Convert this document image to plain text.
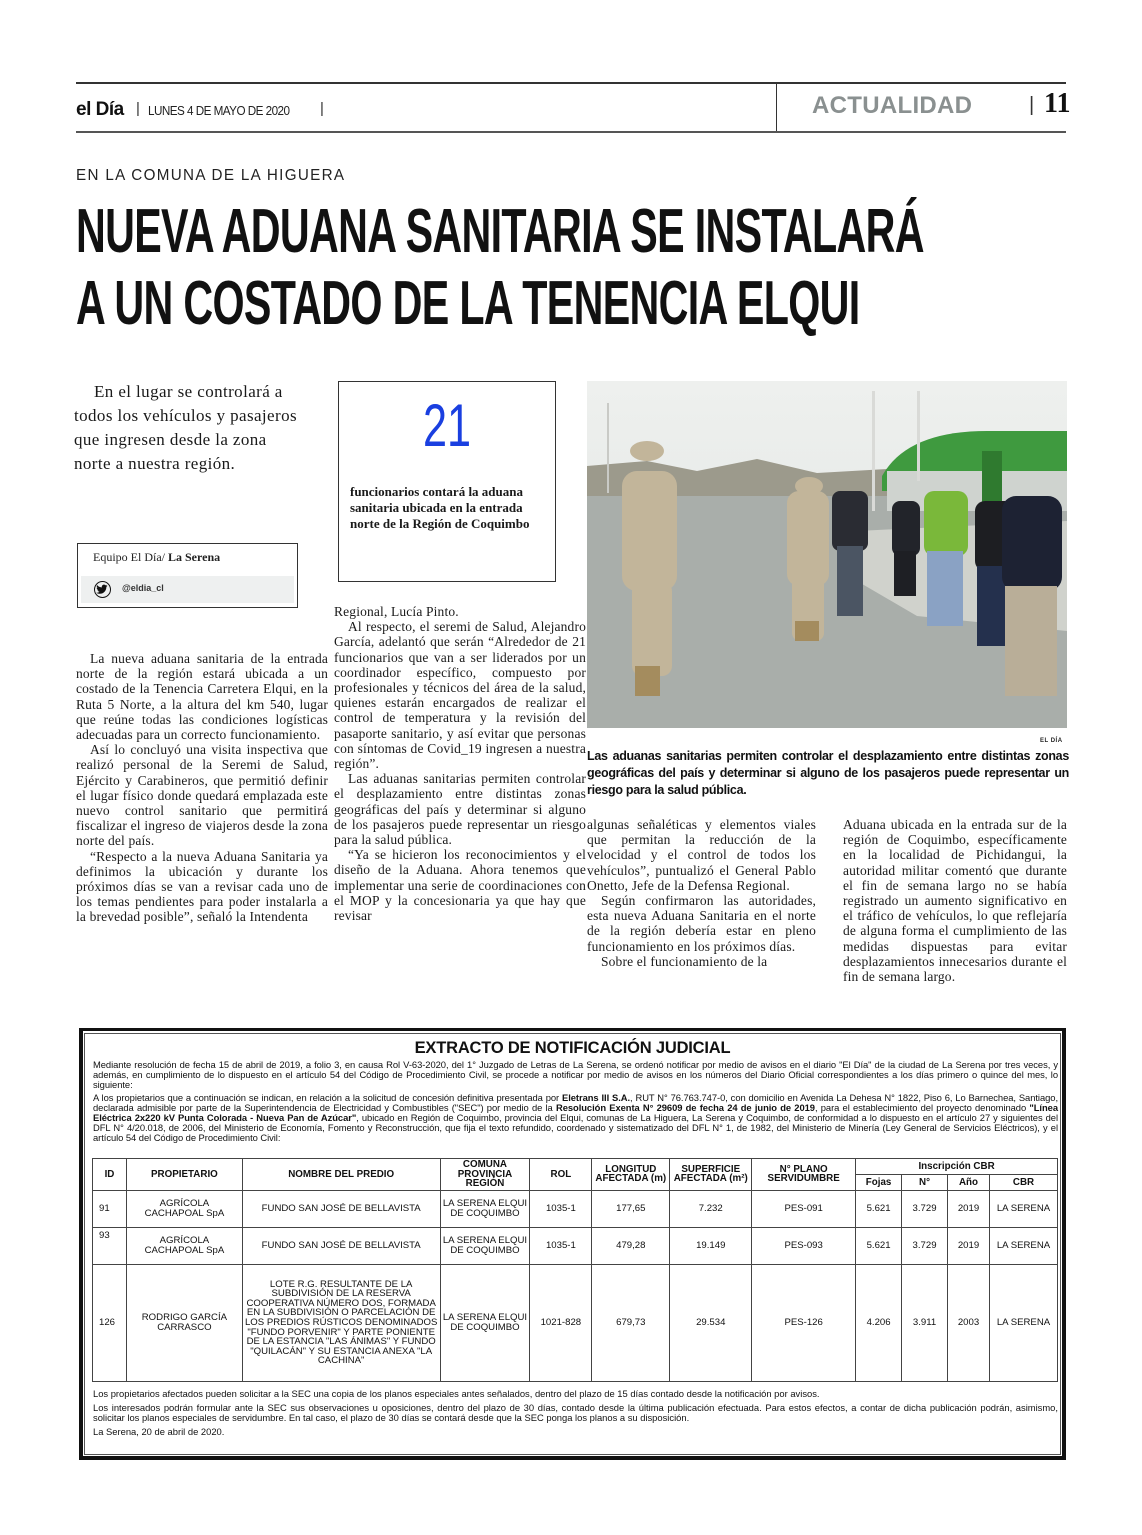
el Día | LUNES 4 DE MAYO DE 2020 |	ACTUALIDAD	| 11
EN LA COMUNA DE LA HIGUERA
NUEVA ADUANA SANITARIA SE INSTALARÁ
A UN COSTADO DE LA TENENCIA ELQUI
En el lugar se controlará a todos los vehículos y pasajeros que ingresen desde la zona norte a nuestra región.
Equipo El Día/ La Serena
@eldia_cl
21
funcionarios contará la aduana sanitaria ubicada en la entrada norte de la Región de Coquimbo
EL DÍA
Las aduanas sanitarias permiten controlar el desplazamiento entre distintas zonas geográficas del país y determinar si alguno de los pasajeros puede representar un riesgo para la salud pública.

La nueva aduana sanitaria de la entrada norte de la región estará ubicada a un costado de la Tenencia Carretera Elqui, en la Ruta 5 Norte, a la altura del km 540, lugar que reúne todas las condiciones logísticas adecuadas para un correcto funcionamiento.

Así lo concluyó una visita inspectiva que realizó personal de la Seremi de Salud, Ejército y Carabineros, que permitió definir el lugar físico donde quedará emplazada este nuevo control sanitario que permitirá fiscalizar el ingreso de viajeros desde la zona norte del país.

“Respecto a la nueva Aduana Sanitaria ya definimos la ubicación y durante los próximos días se van a revisar cada uno de los temas pendientes para poder instalarla a la brevedad posible”, señaló la Intendenta

Regional, Lucía Pinto.

Al respecto, el seremi de Salud, Alejandro García, adelantó que serán “Alrededor de 21 funcionarios que van a ser liderados por un coordinador específico, compuesto por profesionales y técnicos del área de la salud, quienes estarán encargados de realizar el control de temperatura y la revisión del pasaporte sanitario, y así evitar que personas con síntomas de Covid_19 ingresen a nuestra región”.

Las aduanas sanitarias permiten controlar el desplazamiento entre distintas zonas geográficas del país y determinar si alguno de los pasajeros puede representar un riesgo para la salud pública.

“Ya se hicieron los reconocimientos y el diseño de la Aduana. Ahora tenemos que implementar una serie de coordinaciones con el MOP y la concesionaria ya que hay que revisar

algunas señaléticas y elementos viales que permitan la reducción de la velocidad y el control de todos los vehículos”, puntualizó el General Pablo Onetto, Jefe de la Defensa Regional.

Según confirmaron las autoridades, esta nueva Aduana Sanitaria en el norte de la región debería estar en pleno funcionamiento en los próximos días.

Sobre el funcionamiento de la

Aduana ubicada en la entrada sur de la región de Coquimbo, específicamente en la localidad de Pichidangui, la autoridad militar comentó que durante el fin de semana largo no se había registrado un aumento significativo en el tráfico de vehículos, lo que reflejaría de alguna forma el cumplimiento de las medidas dispuestas para evitar desplazamientos innecesarios durante el fin de semana largo.

EXTRACTO DE NOTIFICACIÓN JUDICIAL
Mediante resolución de fecha 15 de abril de 2019, a folio 3, en causa Rol V-63-2020, del 1° Juzgado de Letras de La Serena, se ordenó notificar por medio de avisos en el diario "El Día" de la ciudad de La Serena por tres veces, y además, en cumplimiento de lo dispuesto en el artículo 54 del Código de Procedimiento Civil, se procede a notificar por medio de avisos en los números del Diario Oficial correspondientes a los días primero o quince del mes, lo siguiente:
A los propietarios que a continuación se indican, en relación a la solicitud de concesión definitiva presentada por Eletrans III S.A., RUT N° 76.763.747-0, con domicilio en Avenida La Dehesa N° 1822, Piso 6, Lo Barnechea, Santiago, declarada admisible por parte de la Superintendencia de Electricidad y Combustibles ("SEC") por medio de la Resolución Exenta N° 29609 de fecha 24 de junio de 2019, para el establecimiento del proyecto denominado "Línea Eléctrica 2x220 kV Punta Colorada - Nueva Pan de Azúcar", ubicado en Región de Coquimbo, provincia del Elqui, comunas de La Higuera, La Serena y Coquimbo, de conformidad a lo dispuesto en el artículo 27 y siguientes del DFL N° 4/20.018, de 2006, del Ministerio de Economía, Fomento y Reconstrucción, que fija el texto refundido, coordenado y sistematizado del DFL N° 1, de 1982, del Ministerio de Minería (Ley General de Servicios Eléctricos), y el artículo 54 del Código de Procedimiento Civil:
ID	PROPIETARIO	NOMBRE DEL PREDIO	COMUNA PROVINCIA REGIÓN	ROL	LONGITUD AFECTADA (m)	SUPERFICIE AFECTADA (m²)	N° PLANO SERVIDUMBRE	Inscripción CBR			
								Fojas	N°	Año	CBR
91	AGRÍCOLA CACHAPOAL SpA	FUNDO SAN JOSÉ DE BELLAVISTA	LA SERENA ELQUI DE COQUIMBO	1035-1	177,65	7.232	PES-091	5.621	3.729	2019	LA SERENA
93	AGRÍCOLA CACHAPOAL SpA	FUNDO SAN JOSÉ DE BELLAVISTA	LA SERENA ELQUI DE COQUIMBO	1035-1	479,28	19.149	PES-093	5.621	3.729	2019	LA SERENA
126	RODRIGO GARCÍA CARRASCO	LOTE R.G. RESULTANTE DE LA SUBDIVISIÓN DE LA RESERVA COOPERATIVA NÚMERO DOS, FORMADA EN LA SUBDIVISIÓN O PARCELACIÓN DE LOS PREDIOS RÚSTICOS DENOMINADOS "FUNDO PORVENIR" Y PARTE PONIENTE DE LA ESTANCIA "LAS ÁNIMAS" Y FUNDO "QUILACÁN" Y SU ESTANCIA ANEXA "LA CACHINA"	LA SERENA ELQUI DE COQUIMBO	1021-828	679,73	29.534	PES-126	4.206	3.911	2003	LA SERENA
Los propietarios afectados pueden solicitar a la SEC una copia de los planos especiales antes señalados, dentro del plazo de 15 días contado desde la notificación por avisos.
Los interesados podrán formular ante la SEC sus observaciones u oposiciones, dentro del plazo de 30 días, contado desde la última publicación efectuada. Para estos efectos, a contar de dicha publicación podrán, asimismo, solicitar los planos especiales de servidumbre. En tal caso, el plazo de 30 días se contará desde que la SEC ponga los planos a su disposición.
La Serena, 20 de abril de 2020.
